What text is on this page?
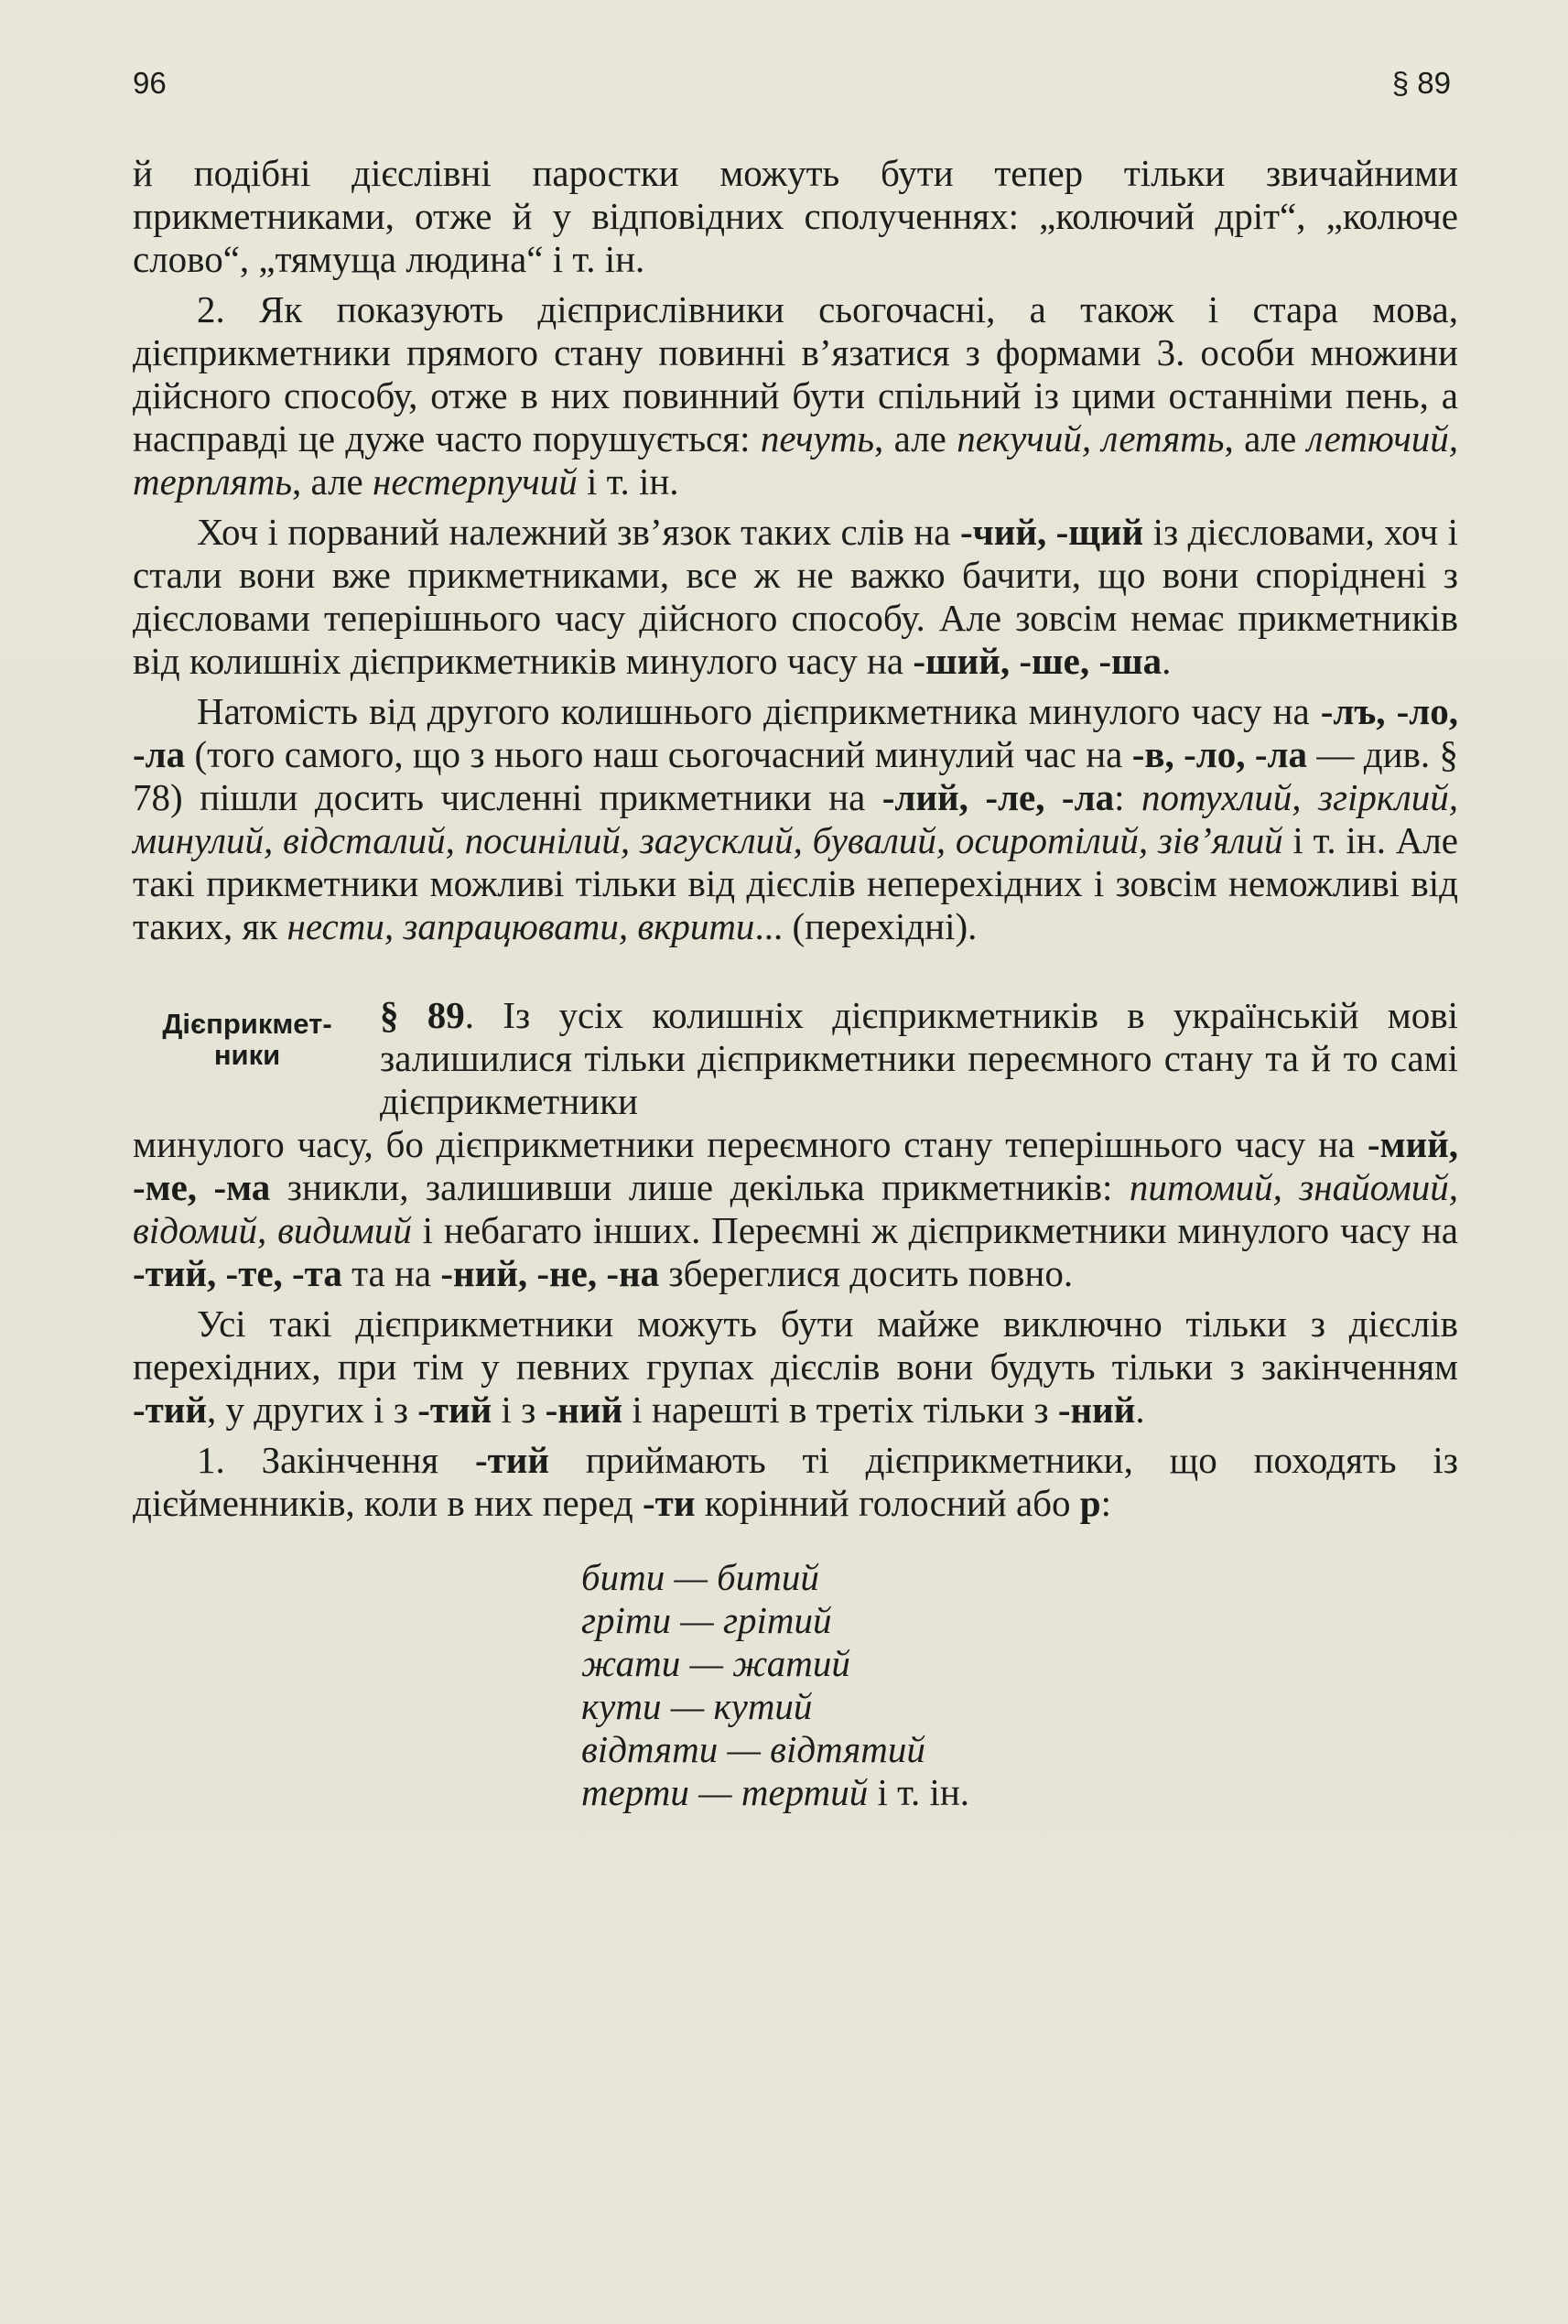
96	§ 89

й подібні дієслівні паростки можуть бути тепер тільки звичайними прикметниками, отже й у відповідних сполученнях: „колючий дріт“, „колюче слово“, „тямуща людина“ і т. ін.

2. Як показують дієприслівники сьогочасні, а також і стара мова, дієприкметники прямого стану повинні в’язатися з формами 3. особи множини дійсного способу, отже в них повинний бути спільний із цими останніми пень, а насправді це дуже часто порушується: печуть, але пекучий, летять, але летючий, терплять, але нестерпучий і т. ін.

Хоч і порваний належний зв’язок таких слів на -чий, -щий із дієсловами, хоч і стали вони вже прикметниками, все ж не важко бачити, що вони споріднені з дієсловами теперішнього часу дійсного способу. Але зовсім немає прикметників від колишніх дієприкметників минулого часу на -ший, -ше, -ша.

Натомість від другого колишнього дієприкметника минулого часу на -лъ, -ло, -ла (того самого, що з нього наш сьогочасний минулий час на -в, -ло, -ла — див. § 78) пішли досить численні прикметники на -лий, -ле, -ла: потухлий, згірклий, минулий, відсталий, посинілий, загусклий, бувалий, осиротілий, зів’ялий і т. ін. Але такі прикметники можливі тільки від дієслів неперехідних і зовсім неможливі від таких, як нести, запрацювати, вкрити... (перехідні).

Дієприкмет-
ники
§ 89. Із усіх колишніх дієприкметників в українській мові залишилися тільки дієприкметники переємного стану та й то самі дієприкметники

минулого часу, бо дієприкметники переємного стану теперішнього часу на -мий, -ме, -ма зникли, залишивши лише декілька прикметників: питомий, знайомий, відомий, видимий і небагато інших. Переємні ж дієприкметники минулого часу на -тий, -те, -та та на -ний, -не, -на збереглися досить повно.

Усі такі дієприкметники можуть бути майже виключно тільки з дієслів перехідних, при тім у певних групах дієслів вони будуть тільки з закінченням -тий, у других і з -тий і з -ний і нарешті в третіх тільки з -ний.

1. Закінчення -тий приймають ті дієприкметники, що походять із дієйменників, коли в них перед -ти корінний голосний або р:

бити — битий
гріти — грітий
жати — жатий
кути — кутий
відтяти — відтятий
терти — тертий і т. ін.
